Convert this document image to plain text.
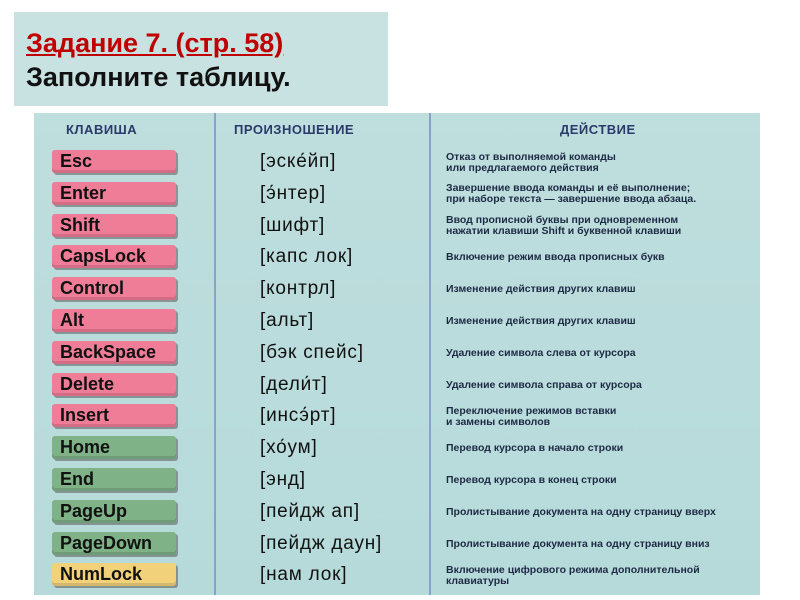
Задание 7. (стр. 58)
Заполните таблицу.
КЛАВИША	ПРОИЗНОШЕНИЕ	ДЕЙСТВИЕ
Esc	[эске́йп]	Отказ от выполняемой команды
или предлагаемого действия
Enter	[э́нтер]	Завершение ввода команды и её выполнение;
при наборе текста — завершение ввода абзаца.
Shift	[шифт]	Ввод прописной буквы при одновременном
нажатии клавиши Shift и буквенной клавиши
CapsLock	[капс лок]	Включение режим ввода прописных букв
Control	[контрл]	Изменение действия других клавиш
Alt	[альт]	Изменение действия других клавиш
BackSpace	[бэк спейс]	Удаление символа слева от курсора
Delete	[дели́т]	Удаление символа справа от курсора
Insert	[инсэ́рт]	Переключение режимов вставки
и замены символов
Home	[хо́ум]	Перевод курсора в начало строки
End	[энд]	Перевод курсора в конец строки
PageUp	[пейдж ап]	Пролистывание документа на одну страницу вверх
PageDown	[пейдж даун]	Пролистывание документа на одну страницу вниз
NumLock	[нам лок]	Включение цифрового режима дополнительной клавиатуры
